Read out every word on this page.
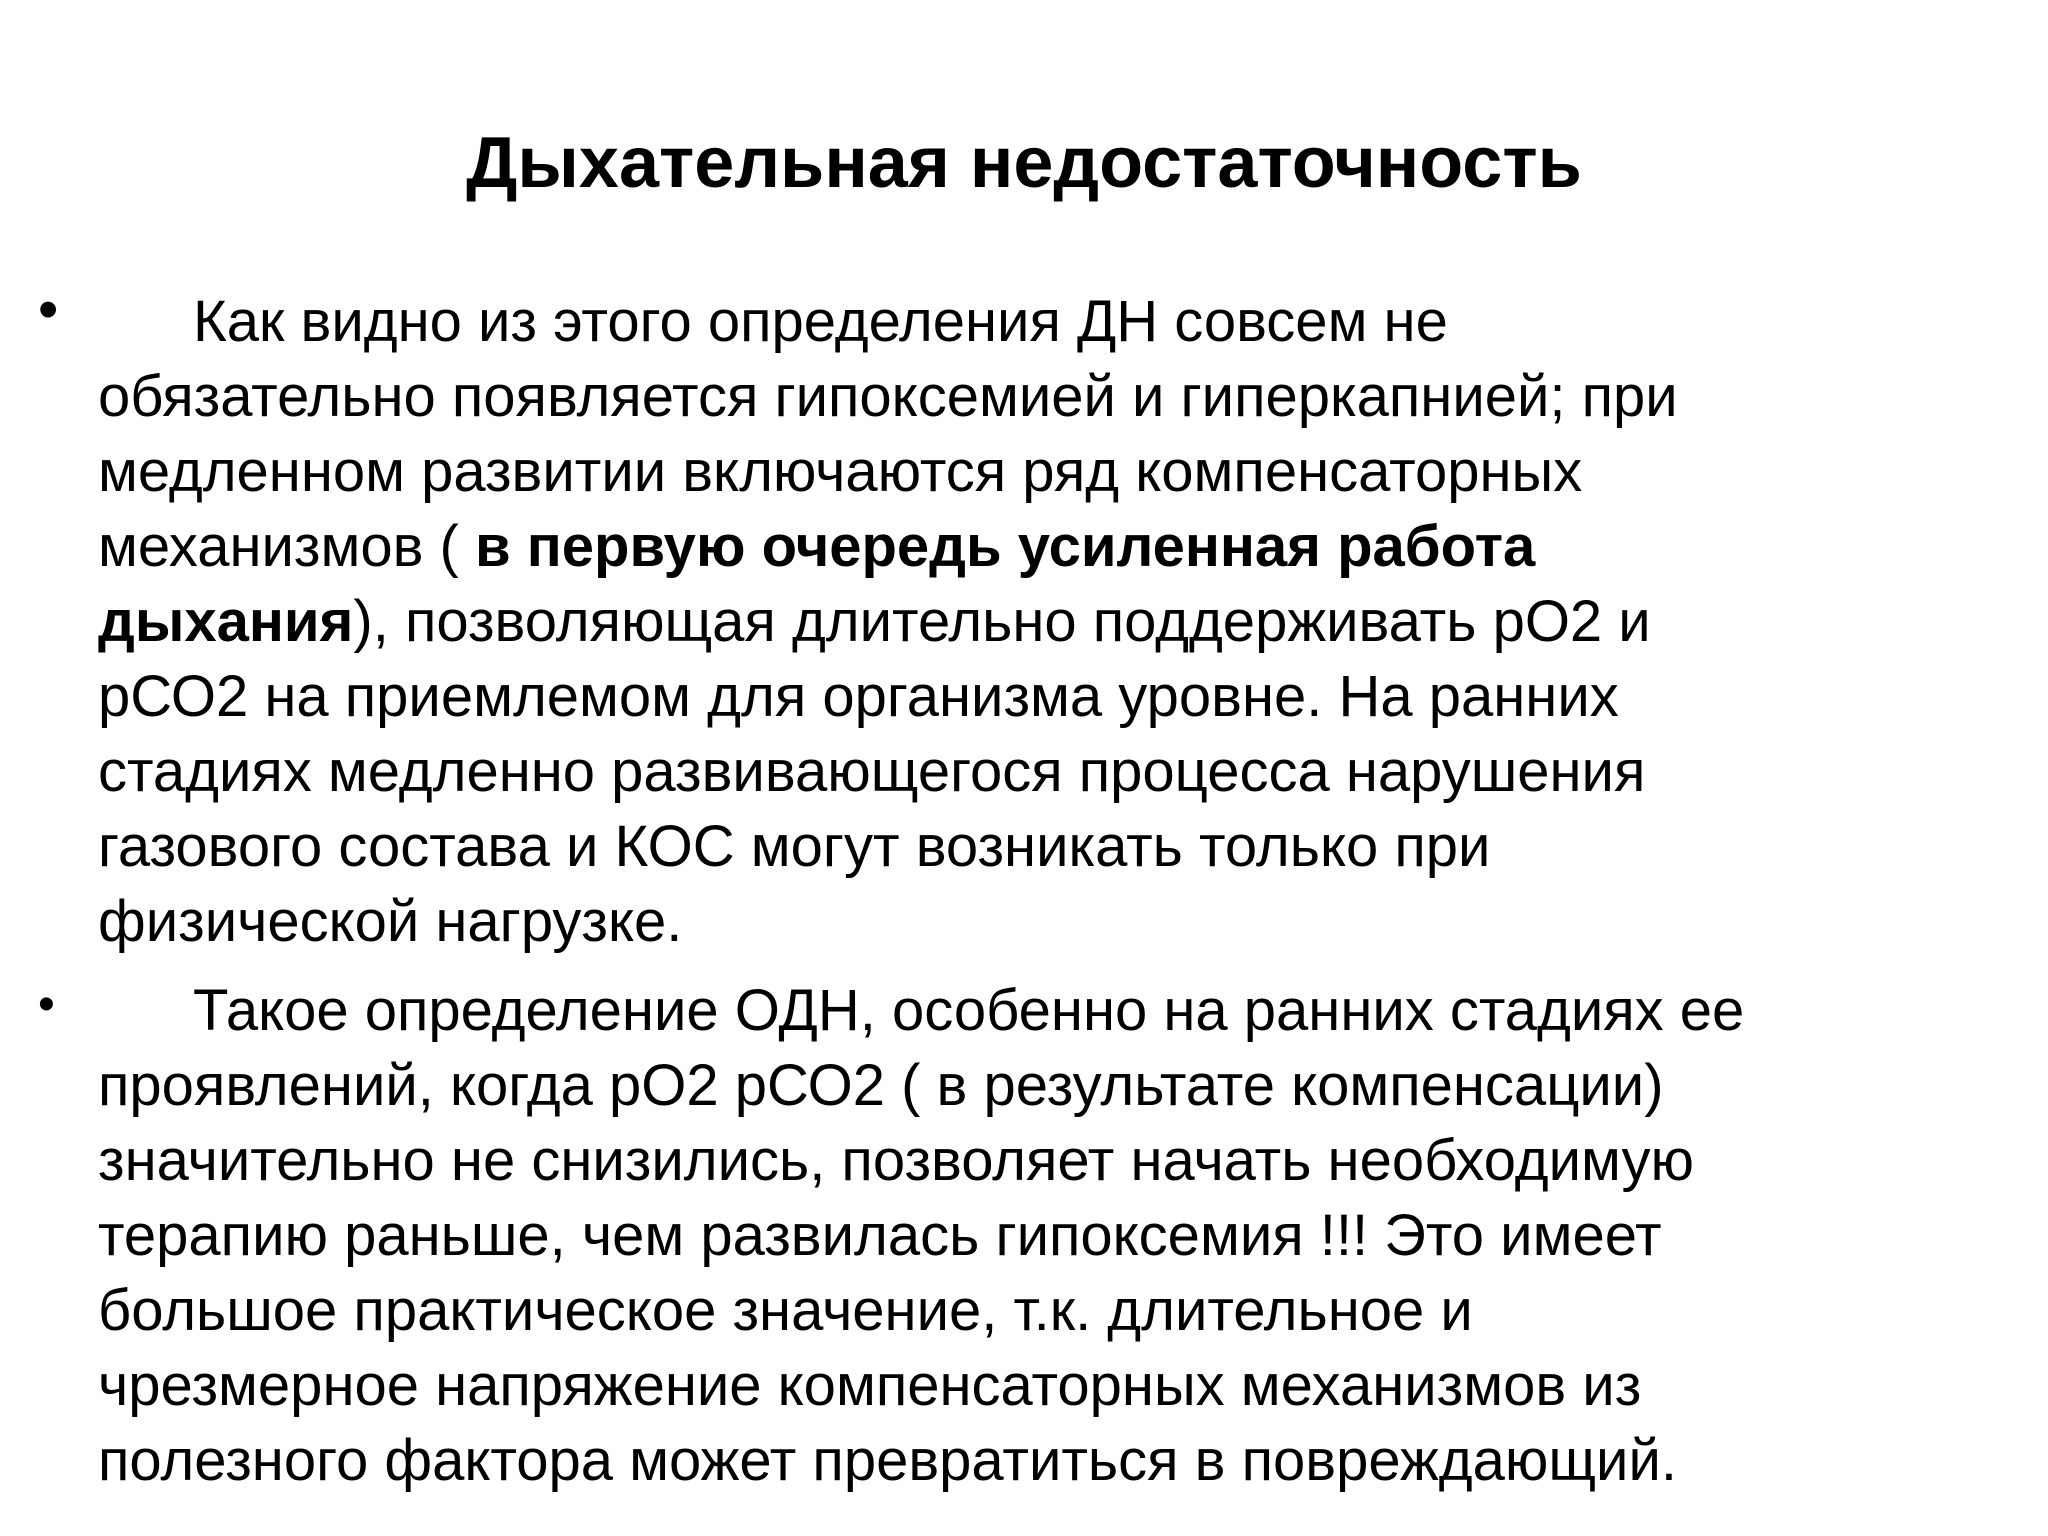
Дыхательная недостаточность
•	Как видно из этого определения ДН совсем не
обязательно появляется гипоксемией и гиперкапнией; при
медленном развитии включаются ряд компенсаторных
механизмов ( в первую очередь усиленная работа
дыхания), позволяющая длительно поддерживать рО2 и
рСО2 на приемлемом для организма уровне. На ранних
стадиях медленно развивающегося процесса нарушения
газового состава и КОС могут возникать только при
физической нагрузке.
•	Такое определение ОДН, особенно на ранних стадиях ее
проявлений, когда рО2 рСО2 ( в результате компенсации)
значительно не снизились, позволяет начать необходимую
терапию раньше, чем развилась гипоксемия !!! Это имеет
большое практическое значение, т.к. длительное и
чрезмерное напряжение компенсаторных механизмов из
полезного фактора может превратиться в повреждающий.
